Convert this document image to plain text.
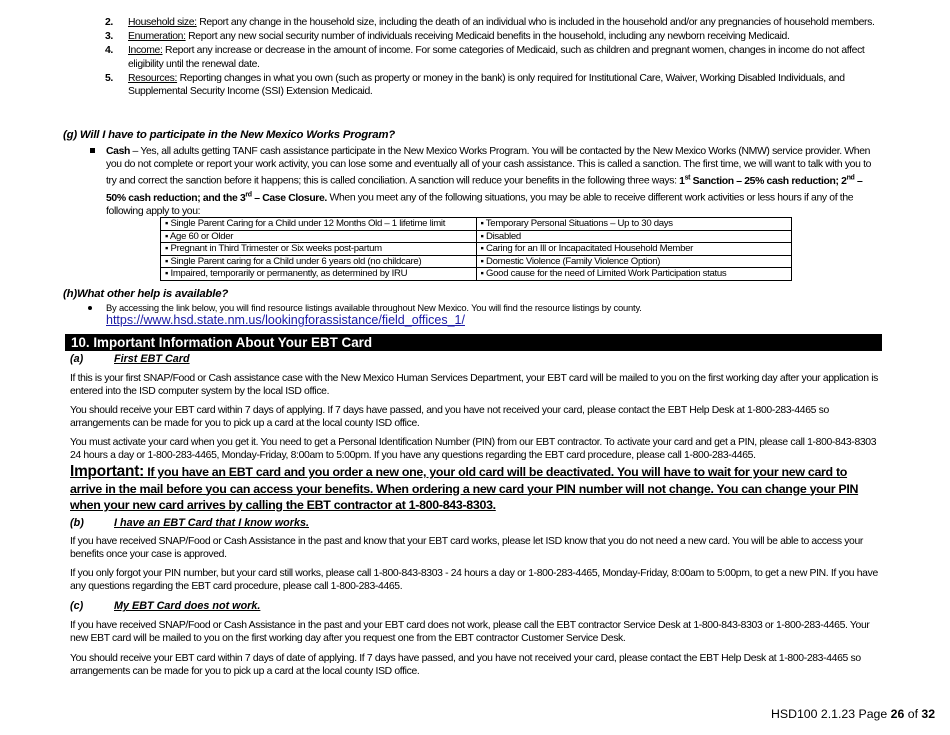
2. Household size: Report any change in the household size, including the death of an individual who is included in the household and/or any pregnancies of household members.
3. Enumeration: Report any new social security number of individuals receiving Medicaid benefits in the household, including any newborn receiving Medicaid.
4. Income: Report any increase or decrease in the amount of income. For some categories of Medicaid, such as children and pregnant women, changes in income do not affect eligibility until the renewal date.
5. Resources: Reporting changes in what you own (such as property or money in the bank) is only required for Institutional Care, Waiver, Working Disabled Individuals, and Supplemental Security Income (SSI) Extension Medicaid.
(g) Will I have to participate in the New Mexico Works Program?
Cash – Yes, all adults getting TANF cash assistance participate in the New Mexico Works Program. You will be contacted by the New Mexico Works (NMW) service provider. When you do not complete or report your work activity, you can lose some and eventually all of your cash assistance. This is called a sanction. The first time, we will want to talk with you to try and correct the sanction before it happens; this is called conciliation. A sanction will reduce your benefits in the following three ways: 1st Sanction – 25% cash reduction; 2nd – 50% cash reduction; and the 3rd – Case Closure. When you meet any of the following situations, you may be able to receive different work activities or less hours if any of the following apply to you:
▪ Single Parent Caring for a Child under 12 Months Old – 1 lifetime limit	▪ Temporary Personal Situations – Up to 30 days
▪ Age 60 or Older	▪ Disabled
▪ Pregnant in Third Trimester or Six weeks post-partum	▪ Caring for an Ill or Incapacitated Household Member
▪ Single Parent caring for a Child under 6 years old (no childcare)	▪ Domestic Violence (Family Violence Option)
▪ Impaired, temporarily or permanently, as determined by IRU	▪ Good cause for the need of Limited Work Participation status
(h)What other help is available?
By accessing the link below, you will find resource listings available throughout New Mexico. You will find the resource listings by county.
https://www.hsd.state.nm.us/lookingforassistance/field_offices_1/
10. Important Information About Your EBT Card
(a)	First EBT Card
If this is your first SNAP/Food or Cash assistance case with the New Mexico Human Services Department, your EBT card will be mailed to you on the first working day after your application is entered into the ISD computer system by the local ISD office.
You should receive your EBT card within 7 days of applying. If 7 days have passed, and you have not received your card, please contact the EBT Help Desk at 1-800-283-4465 so arrangements can be made for you to pick up a card at the local county ISD office.
You must activate your card when you get it. You need to get a Personal Identification Number (PIN) from our EBT contractor. To activate your card and get a PIN, please call 1-800-843-8303 24 hours a day or 1-800-283-4465, Monday-Friday, 8:00am to 5:00pm. If you have any questions regarding the EBT card procedure, please call 1-800-283-4465.
Important: If you have an EBT card and you order a new one, your old card will be deactivated. You will have to wait for your new card to arrive in the mail before you can access your benefits. When ordering a new card your PIN number will not change. You can change your PIN when your new card arrives by calling the EBT contractor at 1-800-843-8303.
(b)	I have an EBT Card that I know works.
If you have received SNAP/Food or Cash Assistance in the past and know that your EBT card works, please let ISD know that you do not need a new card. You will be able to access your benefits once your case is approved.
If you only forgot your PIN number, but your card still works, please call 1-800-843-8303 - 24 hours a day or 1-800-283-4465, Monday-Friday, 8:00am to 5:00pm, to get a new PIN. If you have any questions regarding the EBT card procedure, please call 1-800-283-4465.
(c)	My EBT Card does not work.
If you have received SNAP/Food or Cash Assistance in the past and your EBT card does not work, please call the EBT contractor Service Desk at 1-800-843-8303 or 1-800-283-4465. Your new EBT card will be mailed to you on the first working day after you request one from the EBT contractor Customer Service Desk.
You should receive your EBT card within 7 days of date of applying. If 7 days have passed, and you have not received your card, please contact the EBT Help Desk at 1-800-283-4465 so arrangements can be made for you to pick up a card at the local county ISD office.
HSD100 2.1.23 Page 26 of 32
